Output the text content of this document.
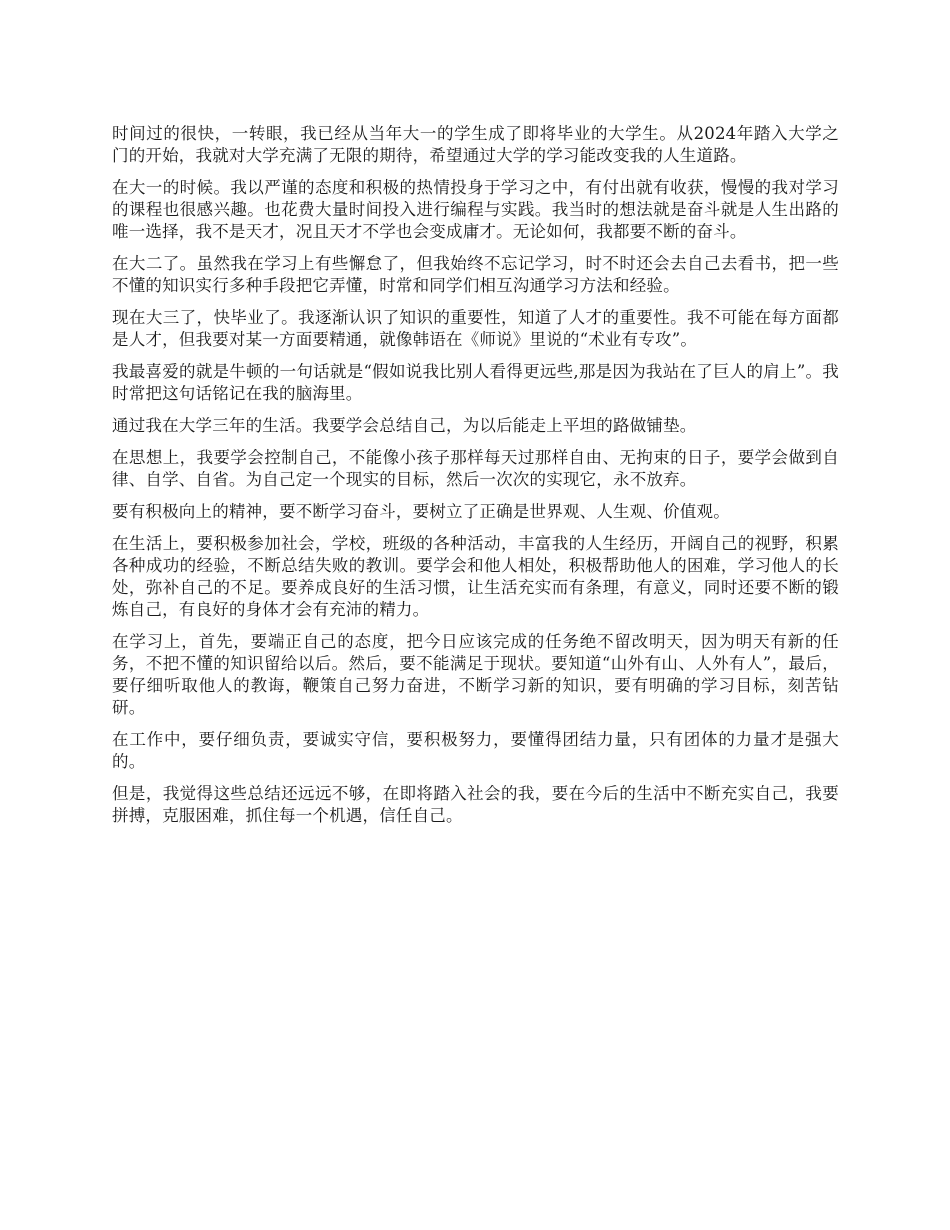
时间过的很快，一转眼，我已经从当年大一的学生成了即将毕业的大学生。从2024年踏入大学之门的开始，我就对大学充满了无限的期待，希望通过大学的学习能改变我的人生道路。

在大一的时候。我以严谨的态度和积极的热情投身于学习之中，有付出就有收获，慢慢的我对学习的课程也很感兴趣。也花费大量时间投入进行编程与实践。我当时的想法就是奋斗就是人生出路的唯一选择，我不是天才，况且天才不学也会变成庸才。无论如何，我都要不断的奋斗。

在大二了。虽然我在学习上有些懈怠了，但我始终不忘记学习，时不时还会去自己去看书，把一些不懂的知识实行多种手段把它弄懂，时常和同学们相互沟通学习方法和经验。

现在大三了，快毕业了。我逐渐认识了知识的重要性，知道了人才的重要性。我不可能在每方面都是人才，但我要对某一方面要精通，就像韩语在《师说》里说的“术业有专攻”。

我最喜爱的就是牛顿的一句话就是“假如说我比别人看得更远些,那是因为我站在了巨人的肩上”。我时常把这句话铭记在我的脑海里。

通过我在大学三年的生活。我要学会总结自己，为以后能走上平坦的路做铺垫。

在思想上，我要学会控制自己，不能像小孩子那样每天过那样自由、无拘束的日子，要学会做到自律、自学、自省。为自己定一个现实的目标，然后一次次的实现它，永不放弃。

要有积极向上的精神，要不断学习奋斗，要树立了正确是世界观、人生观、价值观。

在生活上，要积极参加社会，学校，班级的各种活动，丰富我的人生经历，开阔自己的视野，积累各种成功的经验，不断总结失败的教训。要学会和他人相处，积极帮助他人的困难，学习他人的长处，弥补自己的不足。要养成良好的生活习惯，让生活充实而有条理，有意义，同时还要不断的锻炼自己，有良好的身体才会有充沛的精力。

在学习上，首先，要端正自己的态度，把今日应该完成的任务绝不留改明天，因为明天有新的任务，不把不懂的知识留给以后。然后，要不能满足于现状。要知道“山外有山、人外有人”，最后，要仔细听取他人的教诲，鞭策自己努力奋进，不断学习新的知识，要有明确的学习目标，刻苦钻研。

在工作中，要仔细负责，要诚实守信，要积极努力，要懂得团结力量，只有团体的力量才是强大的。

但是，我觉得这些总结还远远不够，在即将踏入社会的我，要在今后的生活中不断充实自己，我要拼搏，克服困难，抓住每一个机遇，信任自己。
